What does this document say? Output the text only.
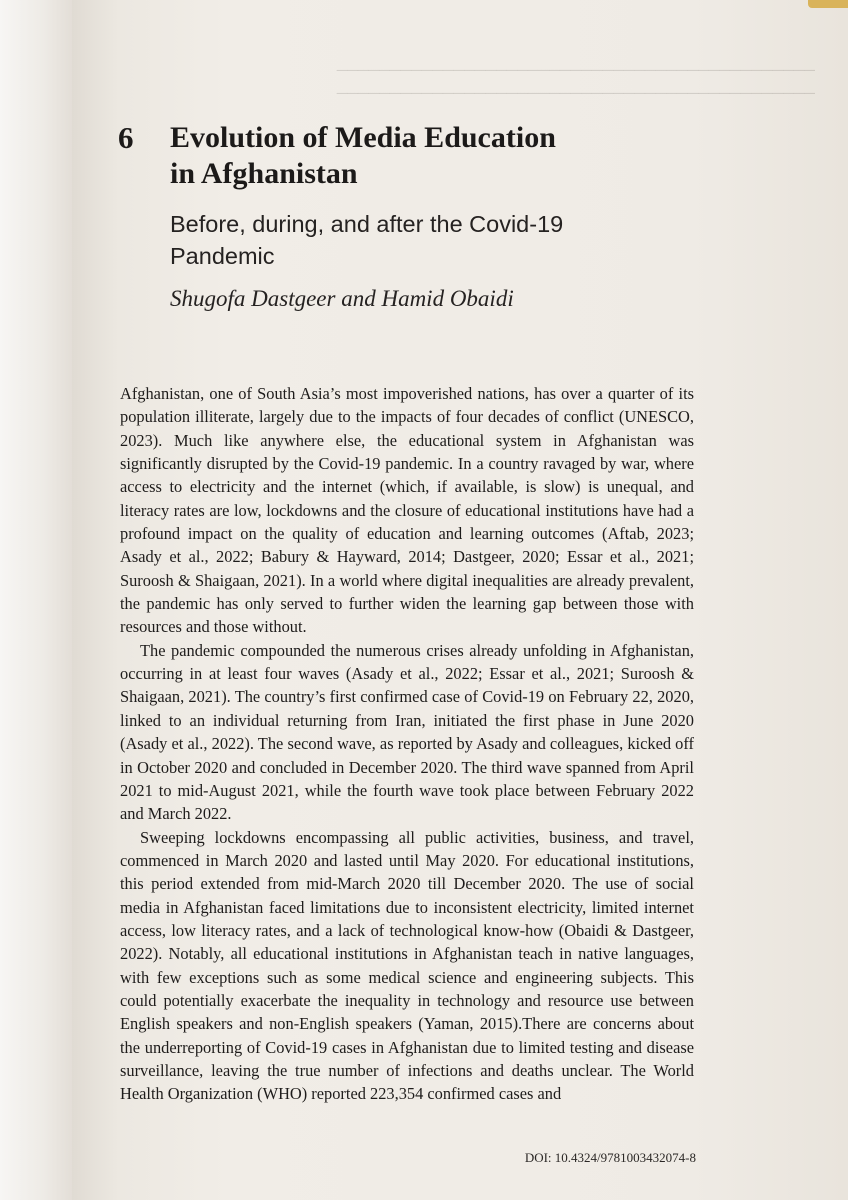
─────────────────────────────────────────────
─────────────────────────────────────────────
6	Evolution of Media Education in Afghanistan
Before, during, and after the Covid-19 Pandemic
Shugofa Dastgeer and Hamid Obaidi

Afghanistan, one of South Asia’s most impoverished nations, has over a quarter of its population illiterate, largely due to the impacts of four decades of conflict (UNESCO, 2023). Much like anywhere else, the educational system in Afghanistan was significantly disrupted by the Covid-19 pandemic. In a country ravaged by war, where access to electricity and the internet (which, if available, is slow) is unequal, and literacy rates are low, lockdowns and the closure of educational institutions have had a profound impact on the quality of education and learning outcomes (Aftab, 2023; Asady et al., 2022; Babury & Hayward, 2014; Dastgeer, 2020; Essar et al., 2021; Suroosh & Shaigaan, 2021). In a world where digital inequalities are already prevalent, the pandemic has only served to further widen the learning gap between those with resources and those without.

The pandemic compounded the numerous crises already unfolding in Afghanistan, occurring in at least four waves (Asady et al., 2022; Essar et al., 2021; Suroosh & Shaigaan, 2021). The country’s first confirmed case of Covid-19 on February 22, 2020, linked to an individual returning from Iran, initiated the first phase in June 2020 (Asady et al., 2022). The second wave, as reported by Asady and colleagues, kicked off in October 2020 and concluded in December 2020. The third wave spanned from April 2021 to mid-August 2021, while the fourth wave took place between February 2022 and March 2022.

Sweeping lockdowns encompassing all public activities, business, and travel, commenced in March 2020 and lasted until May 2020. For educational institutions, this period extended from mid-March 2020 till December 2020. The use of social media in Afghanistan faced limitations due to inconsistent electricity, limited internet access, low literacy rates, and a lack of technological know-how (Obaidi & Dastgeer, 2022). Notably, all educational institutions in Afghanistan teach in native languages, with few exceptions such as some medical science and engineering subjects. This could potentially exacerbate the inequality in technology and resource use between English speakers and non-English speakers (Yaman, 2015).There are concerns about the underreporting of Covid-19 cases in Afghanistan due to limited testing and disease surveillance, leaving the true number of infections and deaths unclear. The World Health Organization (WHO) reported 223,354 confirmed cases and

DOI: 10.4324/9781003432074-8
